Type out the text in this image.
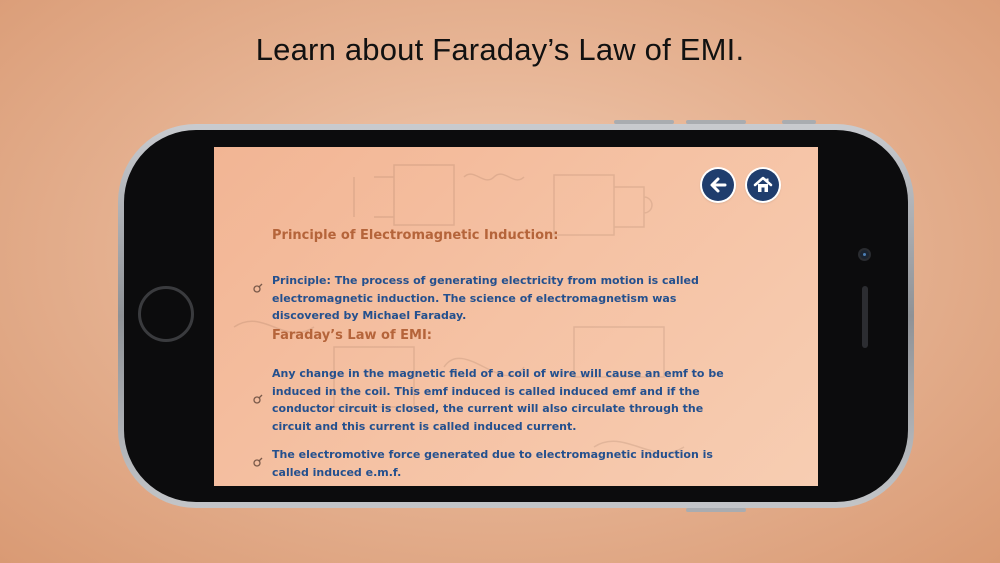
Learn about Faraday’s Law of EMI.
Principle of Electromagnetic Induction:
Principle: The process of generating electricity from motion is called electromagnetic induction. The science of electromagnetism was discovered by Michael Faraday.
Faraday’s Law of EMI:
Any change in the magnetic field of a coil of wire will cause an emf to be induced in the coil. This emf induced is called induced emf and if the conductor circuit is closed, the current will also circulate through the circuit and this current is called induced current.
The electromotive force generated due to electromagnetic induction is called induced e.m.f.
